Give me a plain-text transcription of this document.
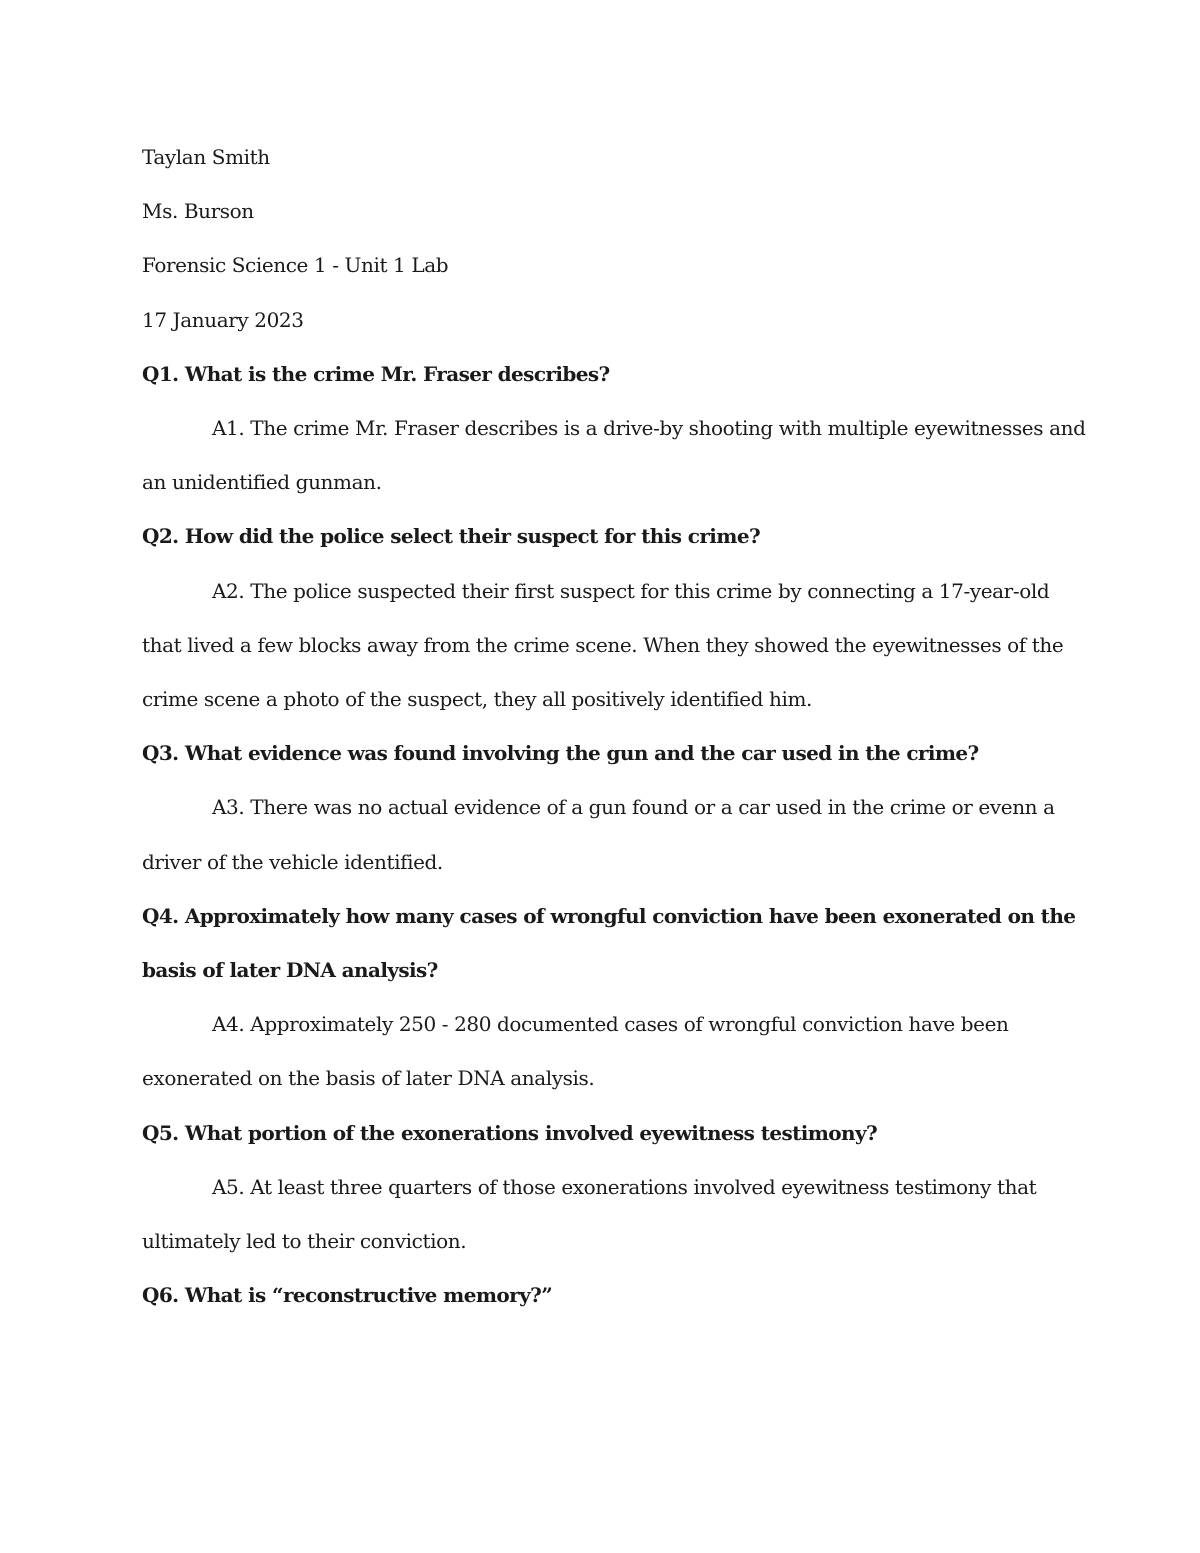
Taylan Smith
Ms. Burson
Forensic Science 1 - Unit 1 Lab
17 January 2023
Q1. What is the crime Mr. Fraser describes?
A1. The crime Mr. Fraser describes is a drive-by shooting with multiple eyewitnesses and
an unidentified gunman.
Q2. How did the police select their suspect for this crime?
A2. The police suspected their first suspect for this crime by connecting a 17-year-old
that lived a few blocks away from the crime scene. When they showed the eyewitnesses of the
crime scene a photo of the suspect, they all positively identified him.
Q3. What evidence was found involving the gun and the car used in the crime?
A3. There was no actual evidence of a gun found or a car used in the crime or evenn a
driver of the vehicle identified.
Q4. Approximately how many cases of wrongful conviction have been exonerated on the
basis of later DNA analysis?
A4. Approximately 250 - 280 documented cases of wrongful conviction have been
exonerated on the basis of later DNA analysis.
Q5. What portion of the exonerations involved eyewitness testimony?
A5. At least three quarters of those exonerations involved eyewitness testimony that
ultimately led to their conviction.
Q6. What is “reconstructive memory?”
